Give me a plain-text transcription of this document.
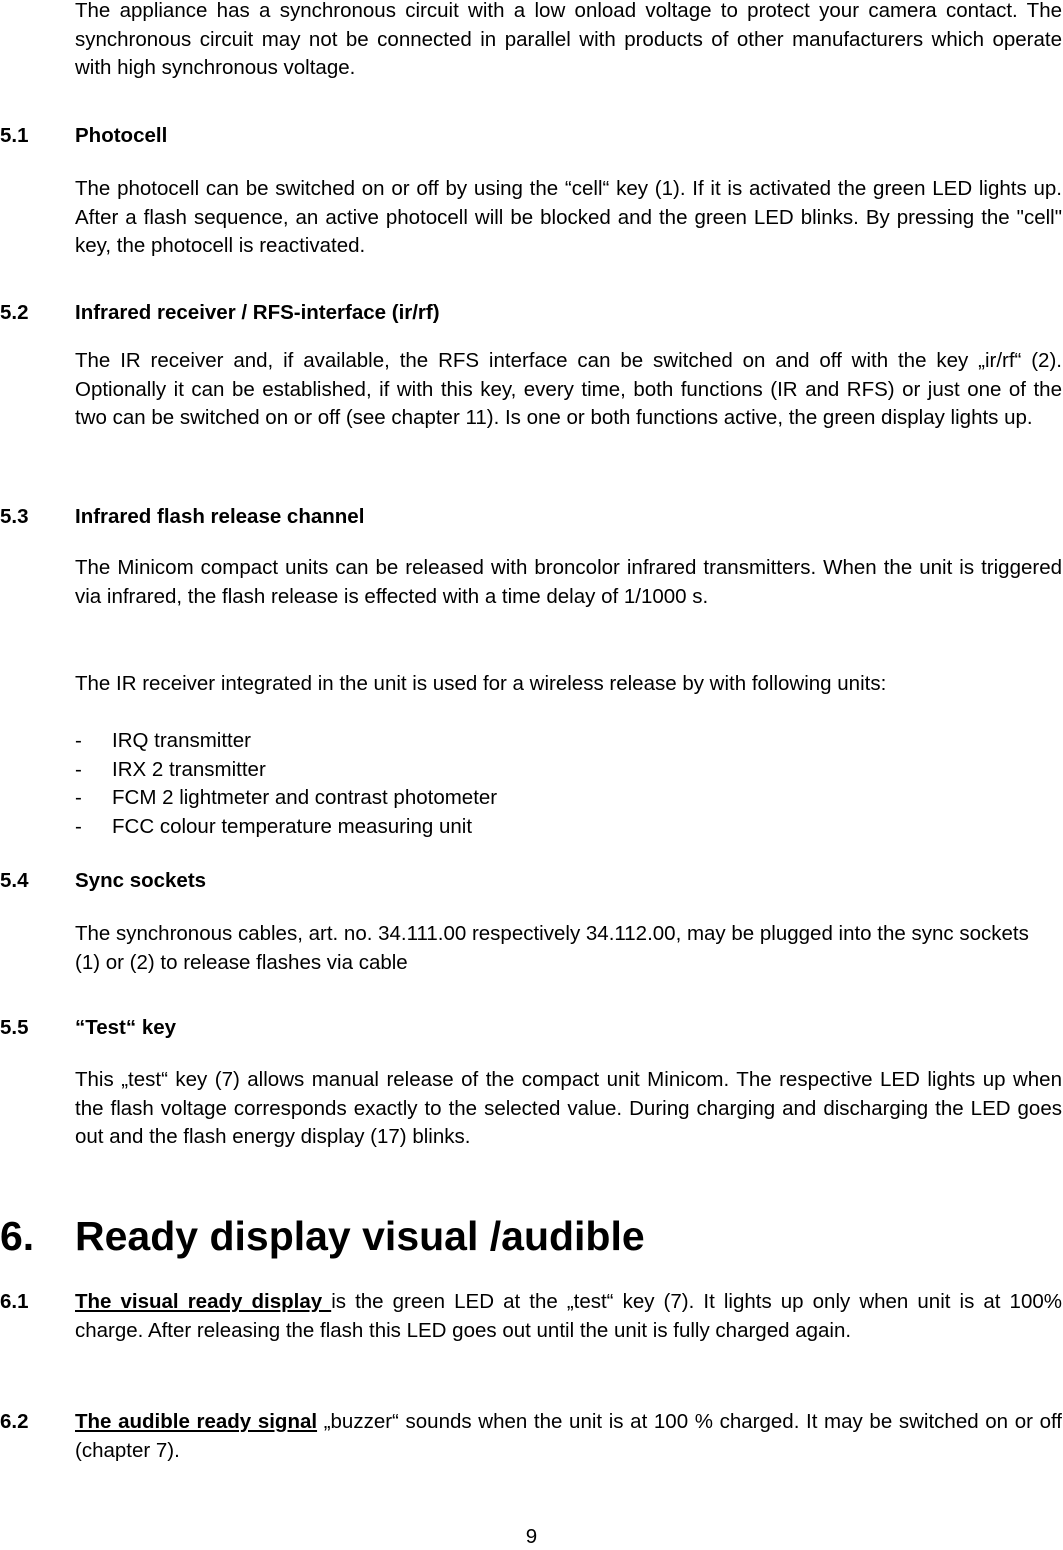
The appliance has a synchronous circuit with a low onload voltage to protect your camera contact. The synchronous circuit may not be connected in parallel with products of other manufacturers which operate with high synchronous voltage.

5.1 Photocell

The photocell can be switched on or off by using the “cell“ key (1). If it is activated the green LED lights up. After a flash sequence, an active photocell will be blocked and the green LED blinks. By pressing the "cell" key, the photocell is reactivated.

5.2 Infrared receiver / RFS-interface (ir/rf)

The IR receiver and, if available, the RFS interface can be switched on and off with the key „ir/rf“ (2). Optionally it can be established, if with this key, every time, both functions (IR and RFS) or just one of the two can be switched on or off (see chapter 11). Is one or both functions active, the green display lights up.

5.3 Infrared flash release channel

The Minicom compact units can be released with broncolor infrared transmitters. When the unit is triggered via infrared, the flash release is effected with a time delay of 1/1000 s.

The IR receiver integrated in the unit is used for a wireless release by with following units:

- IRQ transmitter
- IRX 2 transmitter
- FCM 2 lightmeter and contrast photometer
- FCC colour temperature measuring unit
5.4 Sync sockets

The synchronous cables, art. no. 34.111.00 respectively 34.112.00, may be plugged into the sync sockets (1) or (2) to release flashes via cable

5.5 “Test“ key

This „test“ key (7) allows manual release of the compact unit Minicom. The respective LED lights up when the flash voltage corresponds exactly to the selected value. During charging and discharging the LED goes out and the flash energy display (17) blinks.

6. Ready display visual /audible
6.1 The visual ready display is the green LED at the „test“ key (7). It lights up only when unit is at 100% charge. After releasing the flash this LED goes out until the unit is fully charged again.
6.2 The audible ready signal „buzzer“ sounds when the unit is at 100 % charged. It may be switched on or off (chapter 7).
9
